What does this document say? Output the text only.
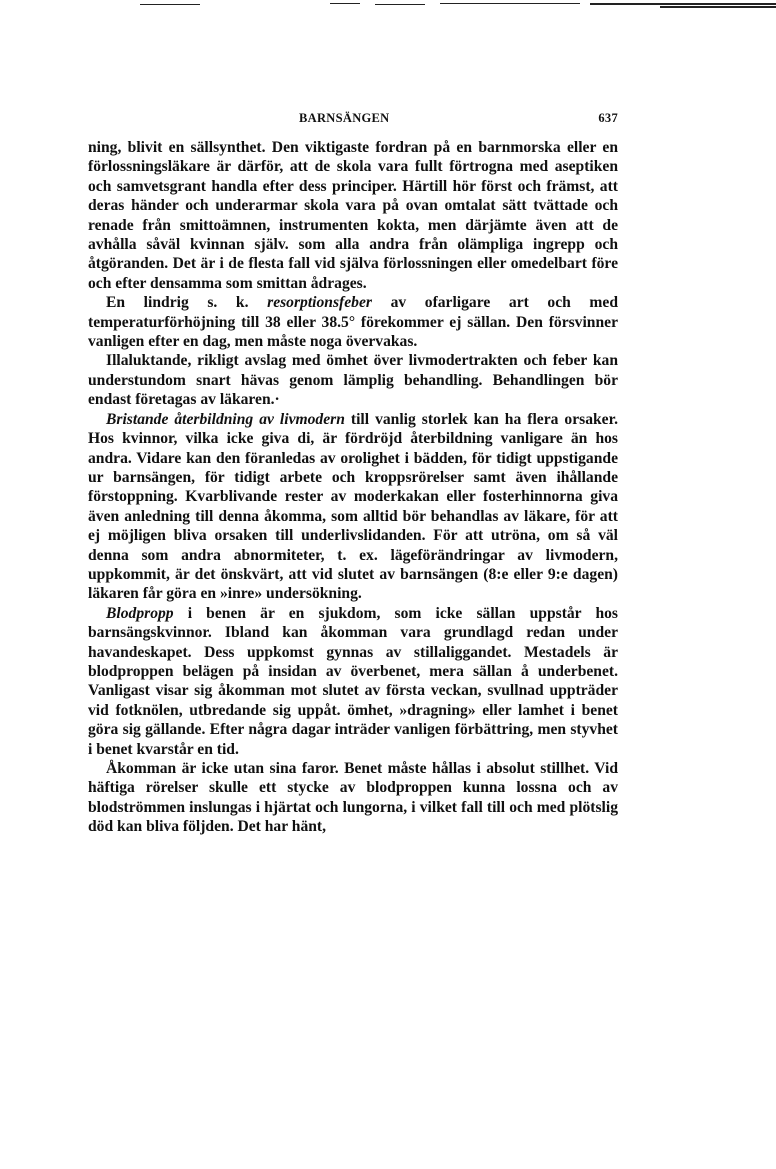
BARNSÄNGEN	637

ning, blivit en sällsynthet. Den viktigaste fordran på en barnmorska eller en förlossningsläkare är därför, att de skola vara fullt förtrogna med aseptiken och samvetsgrant handla efter dess principer. Härtill hör först och främst, att deras händer och underarmar skola vara på ovan omtalat sätt tvättade och renade från smittoämnen, instrumenten kokta, men därjämte även att de avhålla såväl kvinnan själv. som alla andra från olämpliga ingrepp och åtgöranden. Det är i de flesta fall vid själva förlossningen eller omedelbart före och efter densamma som smittan ådrages.

En lindrig s. k. resorptionsfeber av ofarligare art och med temperaturförhöjning till 38 eller 38.5° förekommer ej sällan. Den försvinner vanligen efter en dag, men måste noga övervakas.

Illaluktande, rikligt avslag med ömhet över livmodertrakten och feber kan understundom snart hävas genom lämplig behandling. Behandlingen bör endast företagas av läkaren.·

Bristande återbildning av livmodern till vanlig storlek kan ha flera orsaker. Hos kvinnor, vilka icke giva di, är fördröjd återbildning vanligare än hos andra. Vidare kan den föranledas av orolighet i bädden, för tidigt uppstigande ur barnsängen, för tidigt arbete och kroppsrörelser samt även ihållande förstoppning. Kvarblivande rester av moderkakan eller fosterhinnorna giva även anledning till denna åkomma, som alltid bör behandlas av läkare, för att ej möjligen bliva orsaken till underlivslidanden. För att utröna, om så väl denna som andra abnormiteter, t. ex. lägeförändringar av livmodern, uppkommit, är det önskvärt, att vid slutet av barnsängen (8:e eller 9:e dagen) läkaren får göra en »inre» undersökning.

Blodpropp i benen är en sjukdom, som icke sällan uppstår hos barnsängskvinnor. Ibland kan åkomman vara grundlagd redan under havandeskapet. Dess uppkomst gynnas av stillaliggandet. Mestadels är blodproppen belägen på insidan av överbenet, mera sällan å underbenet. Vanligast visar sig åkomman mot slutet av första veckan, svullnad uppträder vid fotknölen, utbredande sig uppåt. ömhet, »dragning» eller lamhet i benet göra sig gällande. Efter några dagar inträder vanligen förbättring, men styvhet i benet kvarstår en tid.

Åkomman är icke utan sina faror. Benet måste hållas i absolut stillhet. Vid häftiga rörelser skulle ett stycke av blodproppen kunna lossna och av blodströmmen inslungas i hjärtat och lungorna, i vilket fall till och med plötslig död kan bliva följden. Det har hänt,
